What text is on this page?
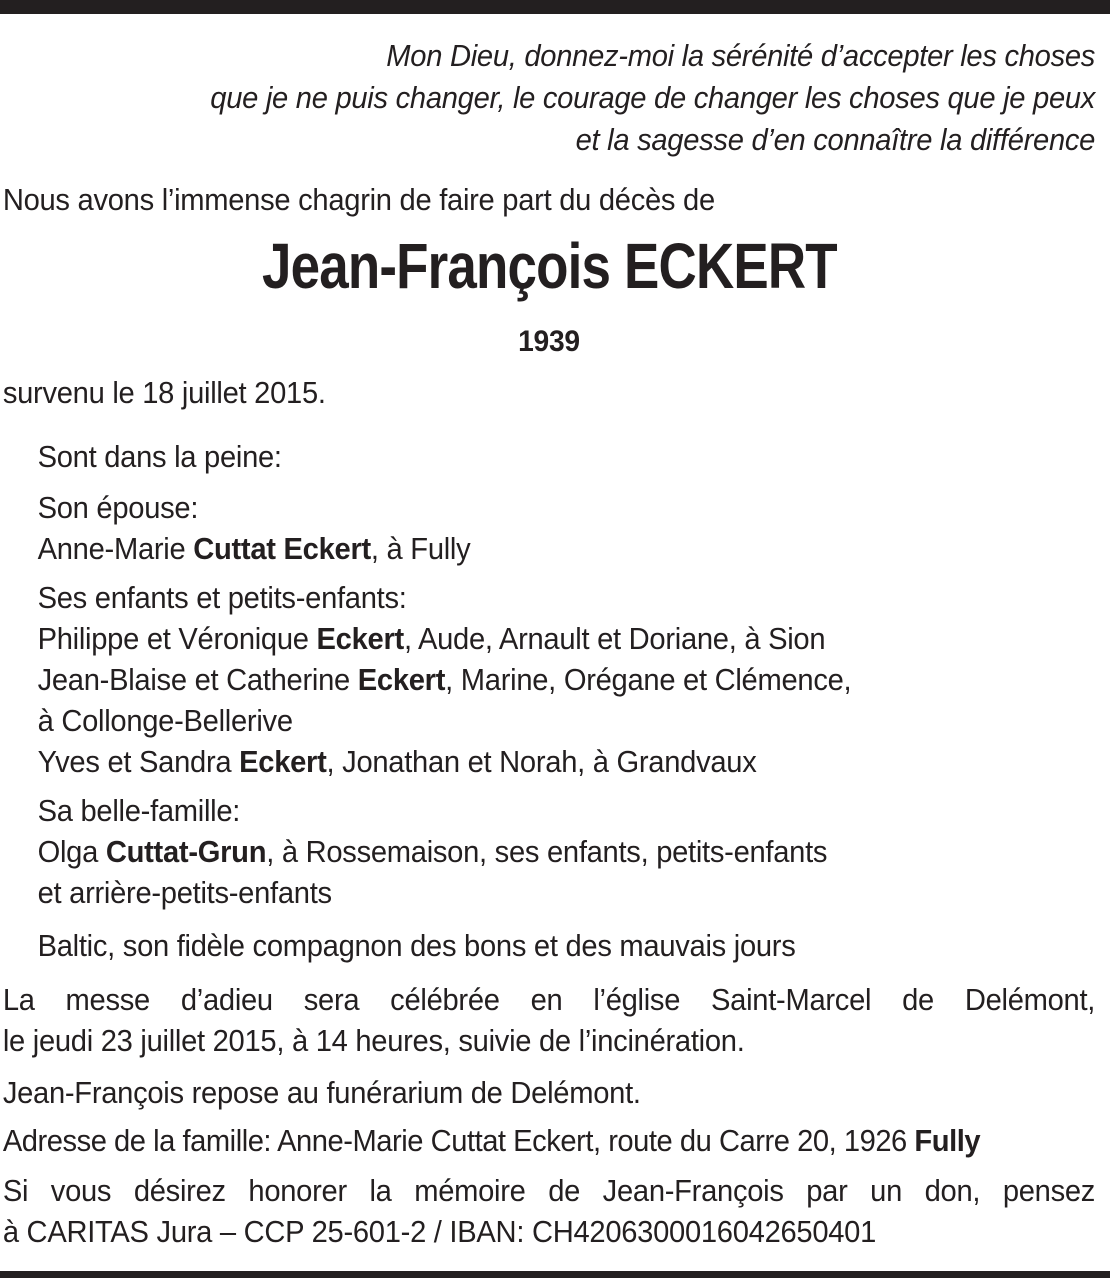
Mon Dieu, donnez-moi la sérénité d’accepter les choses
que je ne puis changer, le courage de changer les choses que je peux
et la sagesse d’en connaître la différence
Nous avons l’immense chagrin de faire part du décès de
Jean-François ECKERT
1939
survenu le 18 juillet 2015.
Sont dans la peine:
Son épouse:
Anne-Marie Cuttat Eckert, à Fully
Ses enfants et petits-enfants:
Philippe et Véronique Eckert, Aude, Arnault et Doriane, à Sion
Jean-Blaise et Catherine Eckert, Marine, Orégane et Clémence,
à Collonge-Bellerive
Yves et Sandra Eckert, Jonathan et Norah, à Grandvaux
Sa belle-famille:
Olga Cuttat-Grun, à Rossemaison, ses enfants, petits-enfants
et arrière-petits-enfants
Baltic, son fidèle compagnon des bons et des mauvais jours
La messe d’adieu sera célébrée en l’église Saint-Marcel de Delémont,
le jeudi 23 juillet 2015, à 14 heures, suivie de l’incinération.
Jean-François repose au funérarium de Delémont.
Adresse de la famille: Anne-Marie Cuttat Eckert, route du Carre 20, 1926 Fully
Si vous désirez honorer la mémoire de Jean-François par un don, pensez
à CARITAS Jura – CCP 25-601-2 / IBAN: CH4206300016042650401
